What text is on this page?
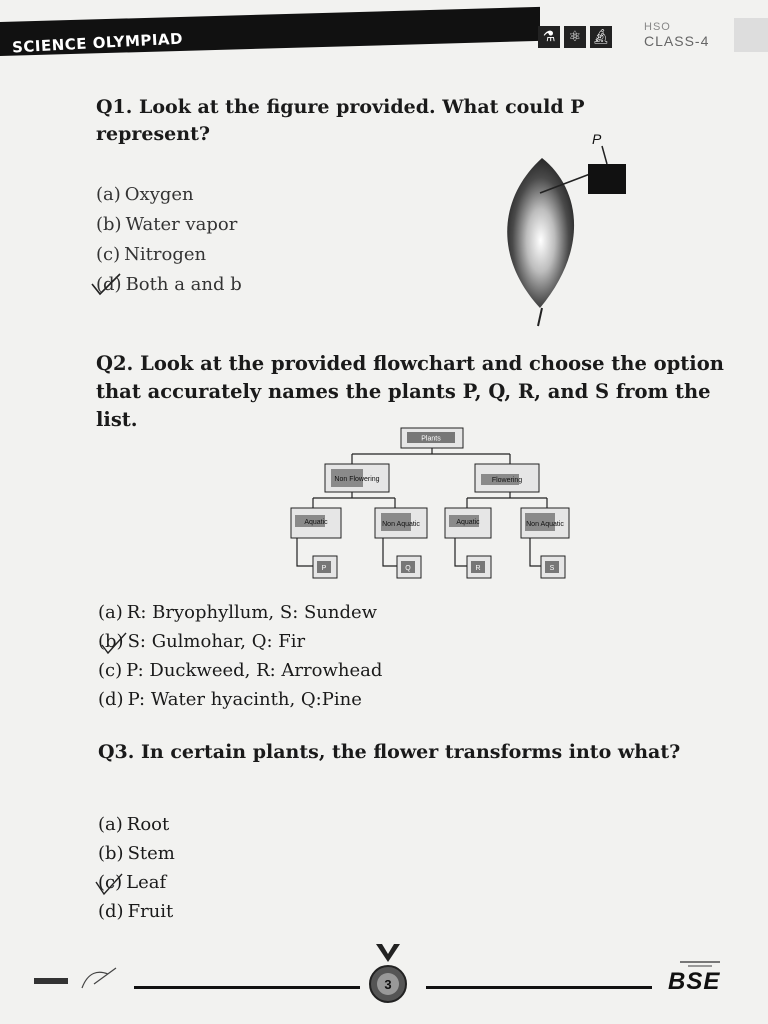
SCIENCE OLYMPIAD	⚗ ⚛ 🔬︎
HSO
CLASS-4

Q1. Look at the figure provided. What could P represent?

(a) Oxygen
(b) Water vapor
(c) Nitrogen
(d) Both a and b
P

Q2. Look at the provided flowchart and choose the option that accurately names the plants P, Q, R, and S from the list.

Plants
Non Flowering	Flowering
Aquatic	Non Aquatic	Aquatic	Non Aquatic
P	Q	R	S
(a) R: Bryophyllum, S: Sundew
(b) S: Gulmohar, Q: Fir
(c) P: Duckweed, R: Arrowhead
(d) P: Water hyacinth, Q:Pine

Q3. In certain plants, the flower transforms into what?

(a) Root
(b) Stem
(c) Leaf
(d) Fruit
3	BSE
